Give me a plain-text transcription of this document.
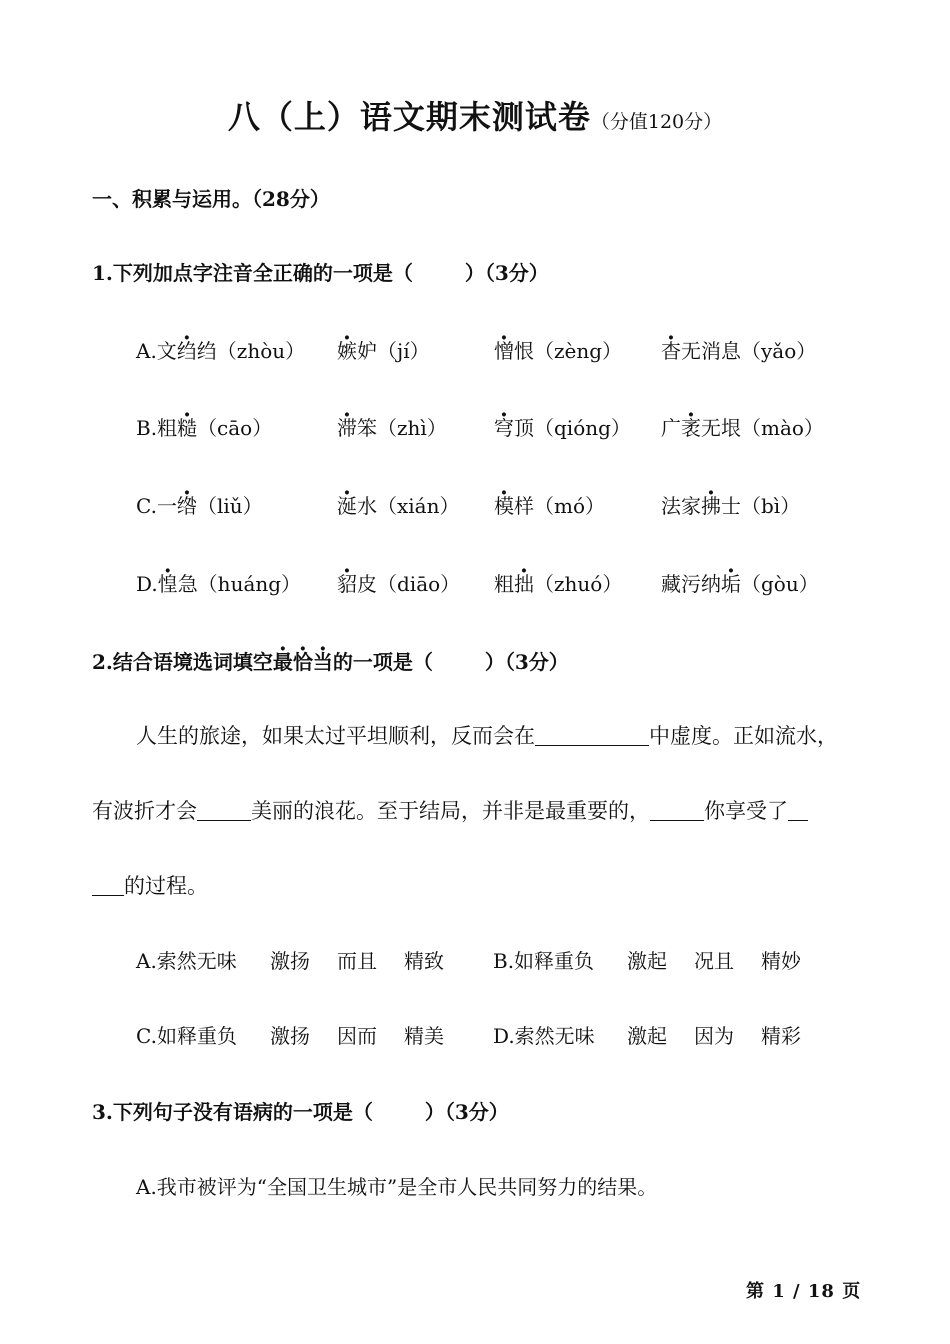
八（上）语文期末测试卷（分值120分）
一、积累与运用。（28分）
1.下列加点字注音全正确的一项是（	）（3分）
A.文绉绉（zhòu） 嫉妒（jí）	憎恨（zèng） 杳无消息（yǎo）
B.粗糙（cāo）	滞笨（zhì） 穹顶（qióng） 广袤无垠（mào）
C.一绺（liǔ）	涎水（xián） 模样（mó）	法家拂士（bì）
D.惶急（huáng） 貂皮（diāo） 粗拙（zhuó） 藏污纳垢（gòu）
2.结合语境选词填空最恰当的一项是（	）（3分）
人生的旅途，如果太过平坦顺利，反而会在	中虚度。正如流水，
有波折才会	美丽的浪花。至于结局，并非是最重要的，	你享受了
的过程。
A.索然无味 激扬 而且 精致 B.如释重负 激起 况且 精妙
C.如释重负 激扬 因而 精美 D.索然无味 激起 因为 精彩
3.下列句子没有语病的一项是（	）（3分）
A.我市被评为“全国卫生城市”是全市人民共同努力的结果。
第 1 / 18 页
